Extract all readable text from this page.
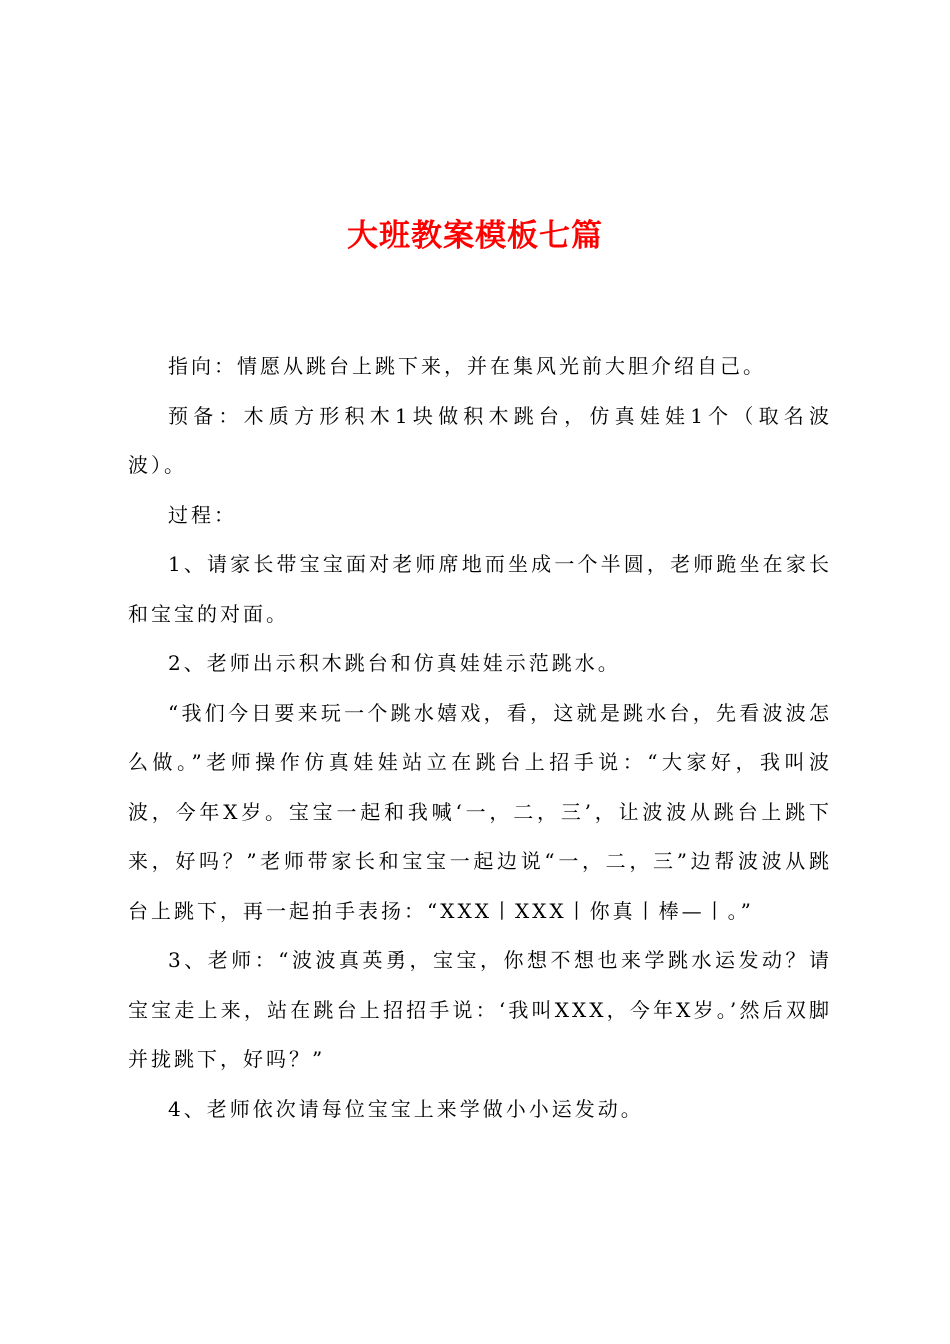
大班教案模板七篇

指向：情愿从跳台上跳下来，并在集风光前大胆介绍自己。

预备：木质方形积木1块做积木跳台，仿真娃娃1个（取名波波）。

过程：

1、请家长带宝宝面对老师席地而坐成一个半圆，老师跪坐在家长和宝宝的对面。

2、老师出示积木跳台和仿真娃娃示范跳水。

“我们今日要来玩一个跳水嬉戏，看，这就是跳水台，先看波波怎么做。”老师操作仿真娃娃站立在跳台上招手说：“大家好，我叫波波，今年X岁。宝宝一起和我喊‘一，二，三’，让波波从跳台上跳下来，好吗？”老师带家长和宝宝一起边说“一，二，三”边帮波波从跳台上跳下，再一起拍手表扬：“XXX丨XXX丨你真丨棒—丨。”

3、老师：“波波真英勇，宝宝，你想不想也来学跳水运发动？请宝宝走上来，站在跳台上招招手说：‘我叫XXX，今年X岁。’然后双脚并拢跳下，好吗？”

4、老师依次请每位宝宝上来学做小小运发动。
